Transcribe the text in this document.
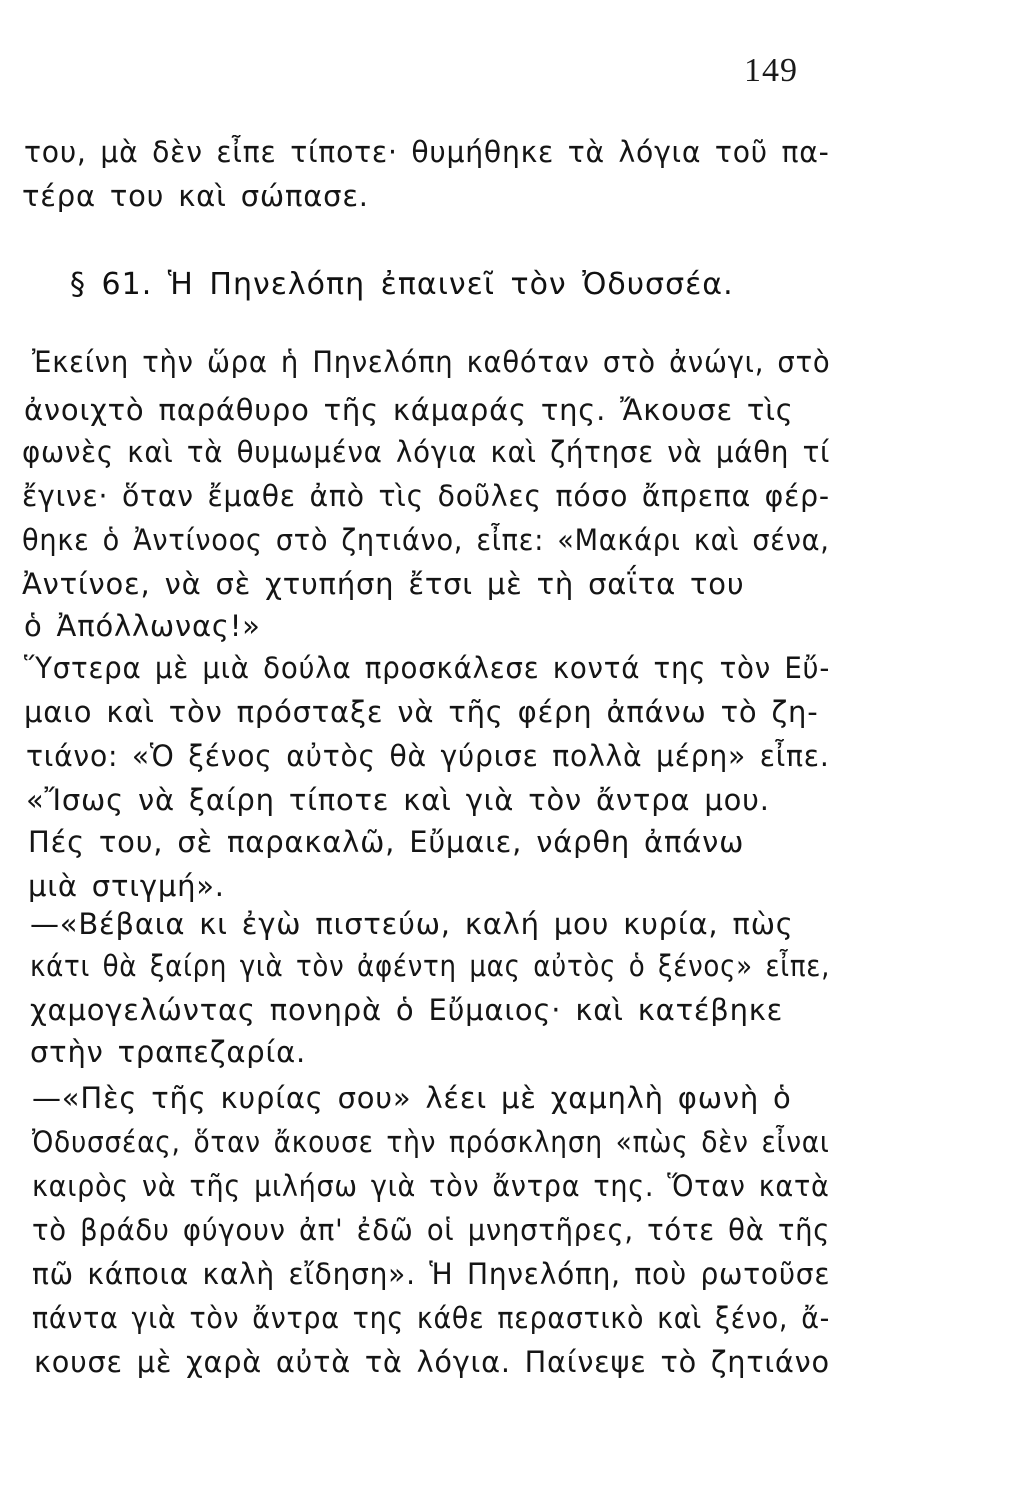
149
του, μὰ δὲν εἶπε τίποτε· θυμήθηκε τὰ λόγια τοῦ πα-
τέρα του καὶ σώπασε.
§ 61. Ἡ Πηνελόπη ἐπαινεῖ τὸν Ὀδυσσέα.
Ἐκείνη τὴν ὥρα ἡ Πηνελόπη καθόταν στὸ ἀνώγι, στὸ
ἀνοιχτὸ παράθυρο τῆς κάμαράς της. Ἄκουσε τὶς
φωνὲς καὶ τὰ θυμωμένα λόγια καὶ ζήτησε νὰ μάθη τί
ἔγινε· ὅταν ἔμαθε ἀπὸ τὶς δοῦλες πόσο ἄπρεπα φέρ-
θηκε ὁ Ἀντίνοος στὸ ζητιάνο, εἶπε: «Μακάρι καὶ σένα,
Ἀντίνοε, νὰ σὲ χτυπήση ἔτσι μὲ τὴ σαΐτα του
ὁ Ἀπόλλωνας!»
Ὕστερα μὲ μιὰ δούλα προσκάλεσε κοντά της τὸν Εὔ-
μαιο καὶ τὸν πρόσταξε νὰ τῆς φέρη ἀπάνω τὸ ζη-
τιάνο: «Ὁ ξένος αὐτὸς θὰ γύρισε πολλὰ μέρη» εἶπε.
«Ἴσως νὰ ξαίρη τίποτε καὶ γιὰ τὸν ἄντρα μου.
Πές του, σὲ παρακαλῶ, Εὔμαιε, νάρθη ἀπάνω
μιὰ στιγμή».
—«Βέβαια κι ἐγὼ πιστεύω, καλή μου κυρία, πὼς
κάτι θὰ ξαίρη γιὰ τὸν ἀφέντη μας αὐτὸς ὁ ξένος» εἶπε,
χαμογελώντας πονηρὰ ὁ Εὔμαιος· καὶ κατέβηκε
στὴν τραπεζαρία.
—«Πὲς τῆς κυρίας σου» λέει μὲ χαμηλὴ φωνὴ ὁ
Ὀδυσσέας, ὅταν ἄκουσε τὴν πρόσκληση «πὼς δὲν εἶναι
καιρὸς νὰ τῆς μιλήσω γιὰ τὸν ἄντρα της. Ὅταν κατὰ
τὸ βράδυ φύγουν ἀπ' ἐδῶ οἱ μνηστῆρες, τότε θὰ τῆς
πῶ κάποια καλὴ εἴδηση». Ἡ Πηνελόπη, ποὺ ρωτοῦσε
πάντα γιὰ τὸν ἄντρα της κάθε περαστικὸ καὶ ξένο, ἄ-
κουσε μὲ χαρὰ αὐτὰ τὰ λόγια. Παίνεψε τὸ ζητιάνο
